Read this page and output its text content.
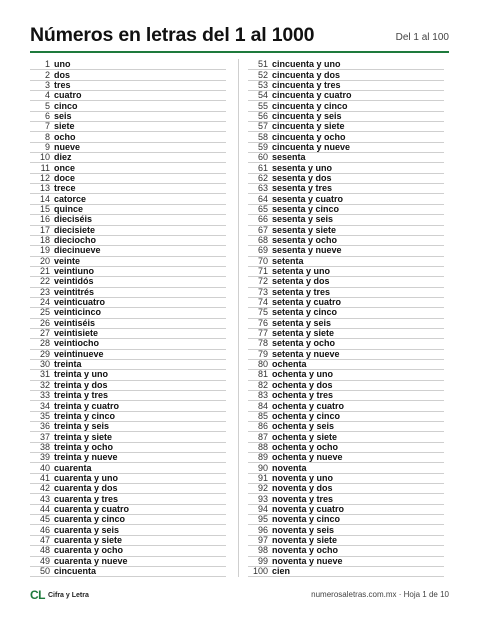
Números en letras del 1 al 1000	Del 1 al 100
1 uno
2 dos
3 tres
4 cuatro
5 cinco
6 seis
7 siete
8 ocho
9 nueve
10 diez
11 once
12 doce
13 trece
14 catorce
15 quince
16 dieciséis
17 diecisiete
18 dieciocho
19 diecinueve
20 veinte
21 veintiuno
22 veintidós
23 veintitrés
24 veinticuatro
25 veinticinco
26 veintiséis
27 veintisiete
28 veintiocho
29 veintinueve
30 treinta
31 treinta y uno
32 treinta y dos
33 treinta y tres
34 treinta y cuatro
35 treinta y cinco
36 treinta y seis
37 treinta y siete
38 treinta y ocho
39 treinta y nueve
40 cuarenta
41 cuarenta y uno
42 cuarenta y dos
43 cuarenta y tres
44 cuarenta y cuatro
45 cuarenta y cinco
46 cuarenta y seis
47 cuarenta y siete
48 cuarenta y ocho
49 cuarenta y nueve
50 cincuenta
51 cincuenta y uno
52 cincuenta y dos
53 cincuenta y tres
54 cincuenta y cuatro
55 cincuenta y cinco
56 cincuenta y seis
57 cincuenta y siete
58 cincuenta y ocho
59 cincuenta y nueve
60 sesenta
61 sesenta y uno
62 sesenta y dos
63 sesenta y tres
64 sesenta y cuatro
65 sesenta y cinco
66 sesenta y seis
67 sesenta y siete
68 sesenta y ocho
69 sesenta y nueve
70 setenta
71 setenta y uno
72 setenta y dos
73 setenta y tres
74 setenta y cuatro
75 setenta y cinco
76 setenta y seis
77 setenta y siete
78 setenta y ocho
79 setenta y nueve
80 ochenta
81 ochenta y uno
82 ochenta y dos
83 ochenta y tres
84 ochenta y cuatro
85 ochenta y cinco
86 ochenta y seis
87 ochenta y siete
88 ochenta y ocho
89 ochenta y nueve
90 noventa
91 noventa y uno
92 noventa y dos
93 noventa y tres
94 noventa y cuatro
95 noventa y cinco
96 noventa y seis
97 noventa y siete
98 noventa y ocho
99 noventa y nueve
100 cien
CL Cifra y Letra	numerosaletras.com.mx · Hoja 1 de 10
